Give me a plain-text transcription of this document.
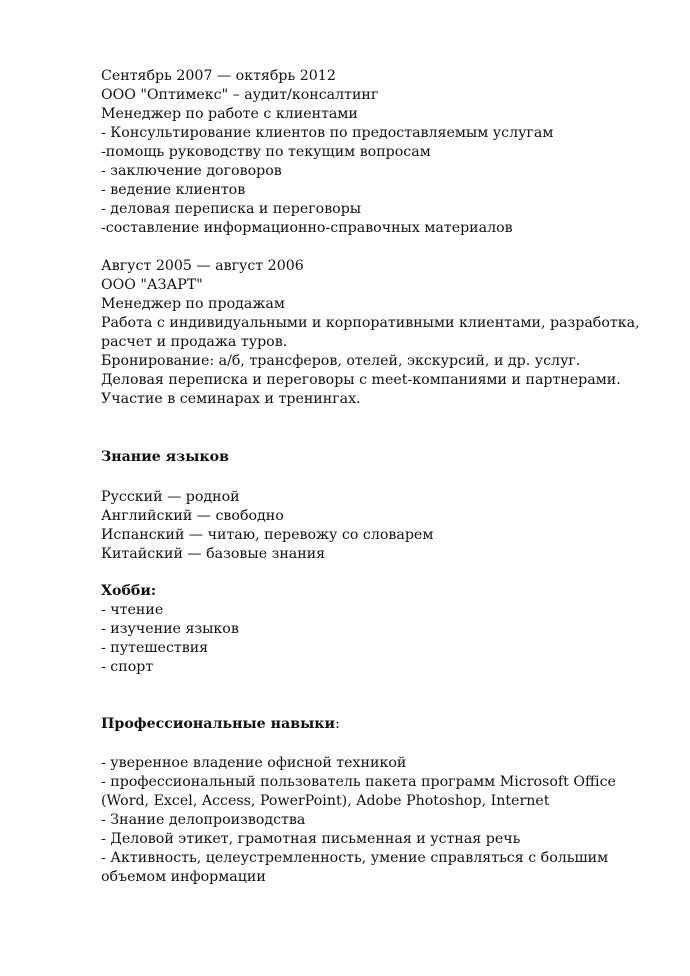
Сентябрь 2007 — октябрь 2012
ООО "Оптимекс" – аудит/консалтинг
Менеджер по работе с клиентами
- Консультирование клиентов по предоставляемым услугам
-помощь руководству по текущим вопросам
- заключение договоров
- ведение клиентов
- деловая переписка и переговоры
-составление информационно-справочных материалов
Август 2005 — август 2006
ООО "АЗАРТ"
Менеджер по продажам
Работа с индивидуальными и корпоративными клиентами, разработка,
расчет и продажа туров.
Бронирование: а/б, трансферов, отелей, экскурсий, и др. услуг.
Деловая переписка и переговоры с meet-компаниями и партнерами.
Участие в семинарах и тренингах.
Знание языков
Русский — родной
Английский — свободно
Испанский — читаю, перевожу со словарем
Китайский — базовые знания
Хобби:
- чтение
- изучение языков
- путешествия
- спорт
Профессиональные навыки:
- уверенное владение офисной техникой
- профессиональный пользователь пакета программ Microsoft Office
(Word, Excel, Access, PowerPoint), Adobe Photoshop, Internet
- Знание делопроизводства
- Деловой этикет, грамотная письменная и устная речь
- Активность, целеустремленность, умение справляться с большим
объемом информации
